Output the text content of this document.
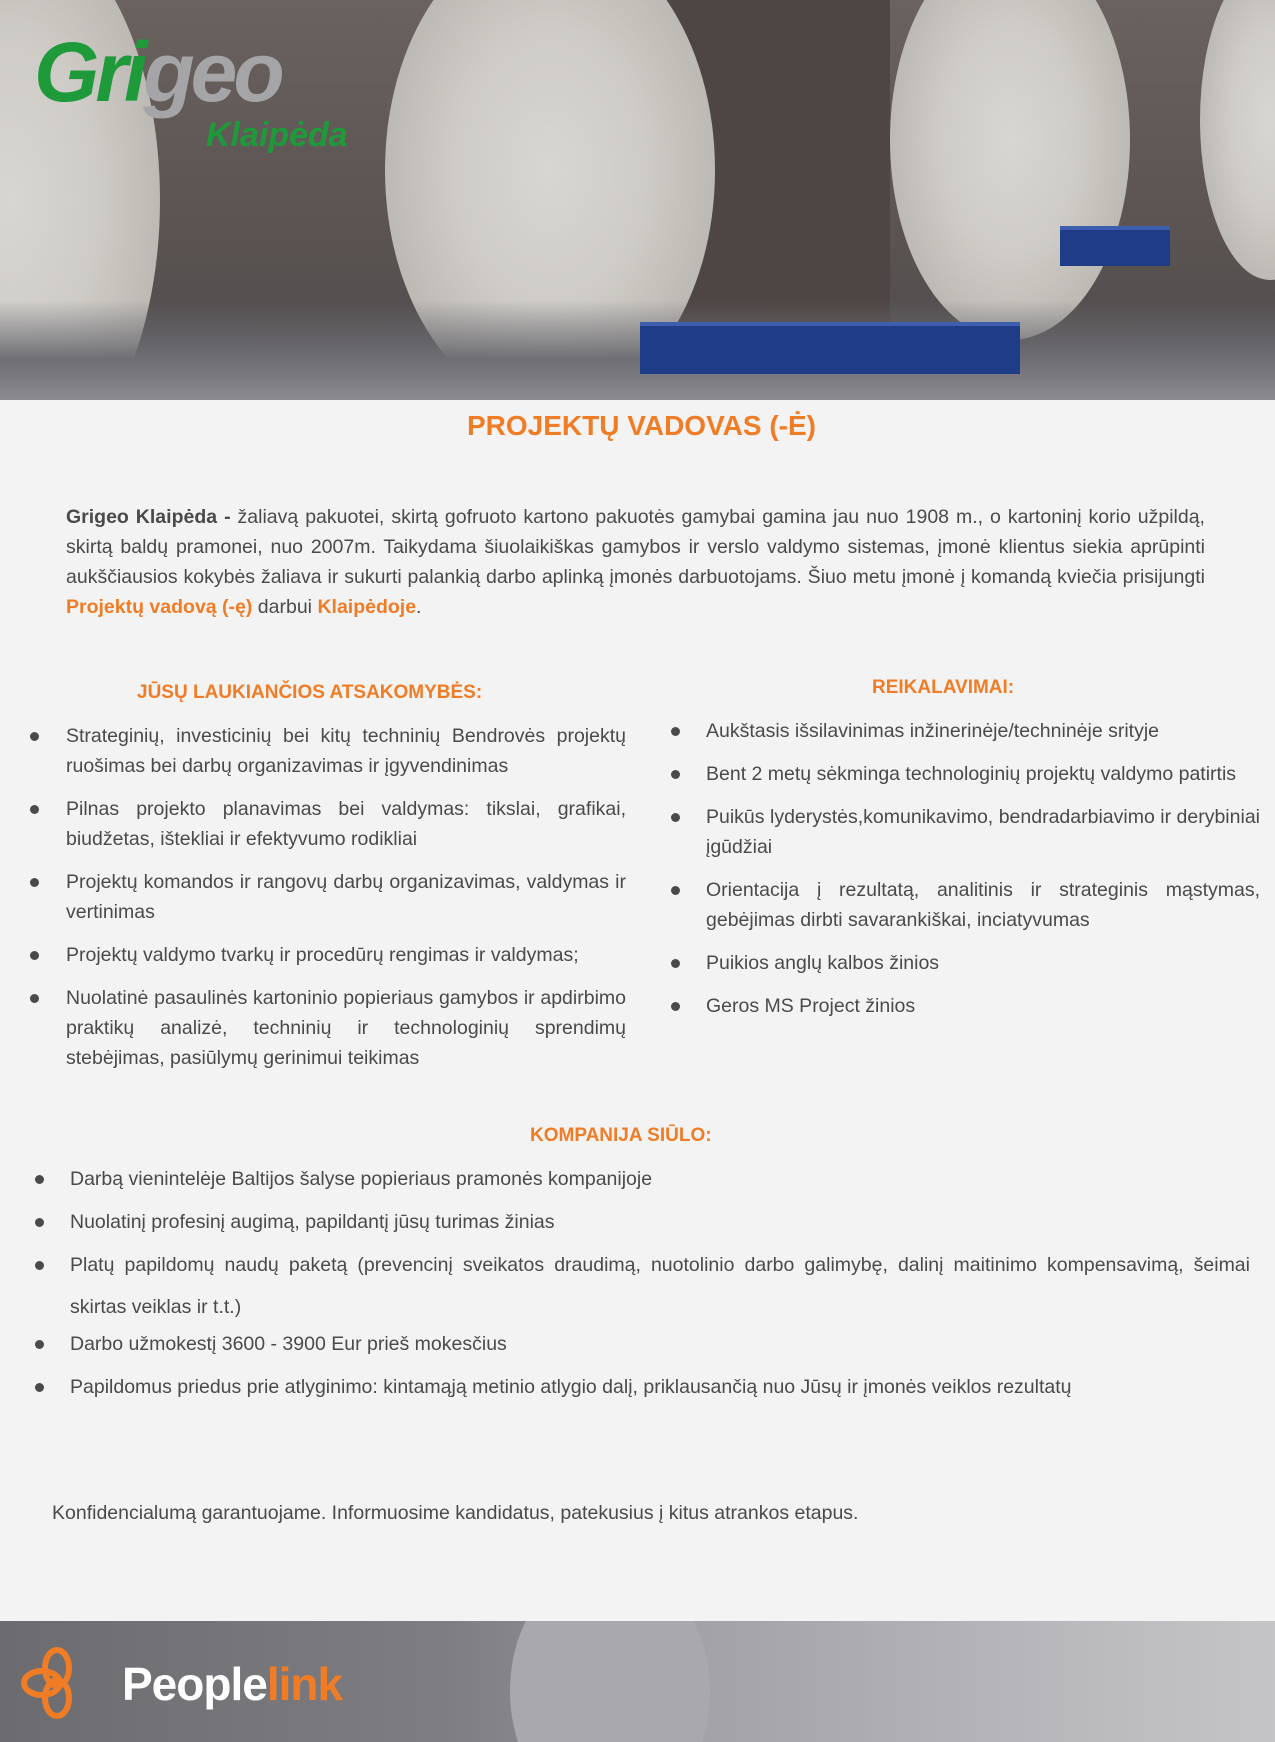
Grigeo
Klaipėda
PROJEKTŲ VADOVAS (-Ė)

Grigeo Klaipėda - žaliavą pakuotei, skirtą gofruoto kartono pakuotės gamybai gamina jau nuo 1908 m., o kartoninį korio užpildą, skirtą baldų pramonei, nuo 2007m. Taikydama šiuolaikiškas gamybos ir verslo valdymo sistemas, įmonė klientus siekia aprūpinti aukščiausios kokybės žaliava ir sukurti palankią darbo aplinką įmonės darbuotojams. Šiuo metu įmonė į komandą kviečia prisijungti Projektų vadovą (-ę) darbui Klaipėdoje.

JŪSŲ LAUKIANČIOS ATSAKOMYBĖS:
Strateginių, investicinių bei kitų techninių Bendrovės projektų ruošimas bei darbų organizavimas ir įgyvendinimas
Pilnas projekto planavimas bei valdymas: tikslai, grafikai, biudžetas, ištekliai ir efektyvumo rodikliai
Projektų komandos ir rangovų darbų organizavimas, valdymas ir vertinimas
Projektų valdymo tvarkų ir procedūrų rengimas ir valdymas;
Nuolatinė pasaulinės kartoninio popieriaus gamybos ir apdirbimo praktikų analizė, techninių ir technologinių sprendimų stebėjimas, pasiūlymų gerinimui teikimas
REIKALAVIMAI:
Aukštasis išsilavinimas inžinerinėje/techninėje srityje
Bent 2 metų sėkminga technologinių projektų valdymo patirtis
Puikūs lyderystės,komunikavimo, bendradarbiavimo ir derybiniai įgūdžiai
Orientacija į rezultatą, analitinis ir strateginis mąstymas, gebėjimas dirbti savarankiškai, inciatyvumas
Puikios anglų kalbos žinios
Geros MS Project žinios
KOMPANIJA SIŪLO:
Darbą vienintelėje Baltijos šalyse popieriaus pramonės kompanijoje
Nuolatinį profesinį augimą, papildantį jūsų turimas žinias
Platų papildomų naudų paketą (prevencinį sveikatos draudimą, nuotolinio darbo galimybę, dalinį maitinimo kompensavimą, šeimai skirtas veiklas ir t.t.)
Darbo užmokestį 3600 - 3900 Eur prieš mokesčius
Papildomus priedus prie atlyginimo: kintamąją metinio atlygio dalį, priklausančią nuo Jūsų ir įmonės veiklos rezultatų

Konfidencialumą garantuojame. Informuosime kandidatus, patekusius į kitus atrankos etapus.

Peoplelink
